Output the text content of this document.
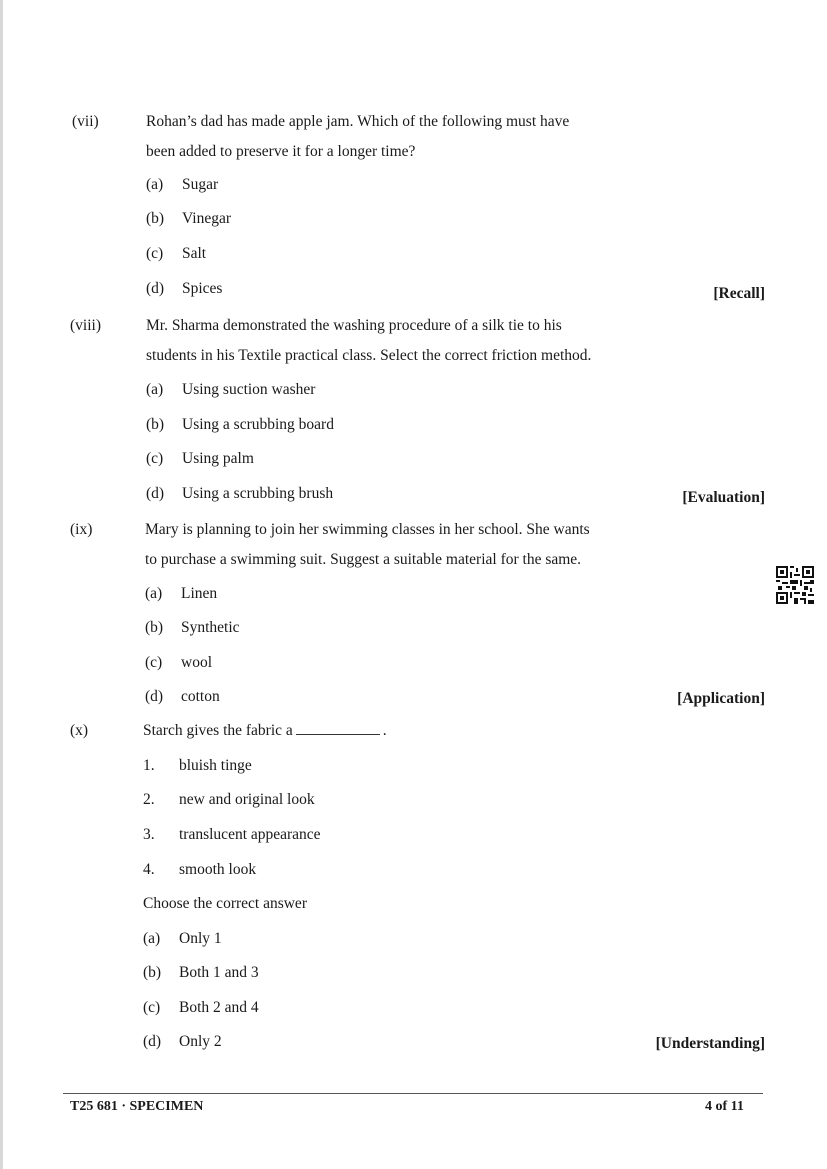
(vii)	Rohan’s dad has made apple jam. Which of the following must have
been added to preserve it for a longer time?
(a) Sugar
(b) Vinegar
(c) Salt
(d) Spices	[Recall]
(viii)	Mr. Sharma demonstrated the washing procedure of a silk tie to his
students in his Textile practical class. Select the correct friction method.
(a) Using suction washer
(b) Using a scrubbing board
(c) Using palm
(d) Using a scrubbing brush	[Evaluation]
(ix)	Mary is planning to join her swimming classes in her school. She wants
to purchase a swimming suit. Suggest a suitable material for the same.
(a) Linen
(b) Synthetic
(c) wool
(d) cotton	[Application]
(x)	Starch gives the fabric a	.
1. bluish tinge
2. new and original look
3. translucent appearance
4. smooth look
Choose the correct answer
(a) Only 1
(b) Both 1 and 3
(c) Both 2 and 4
(d) Only 2	[Understanding]
T25 681 · SPECIMEN	4 of 11
